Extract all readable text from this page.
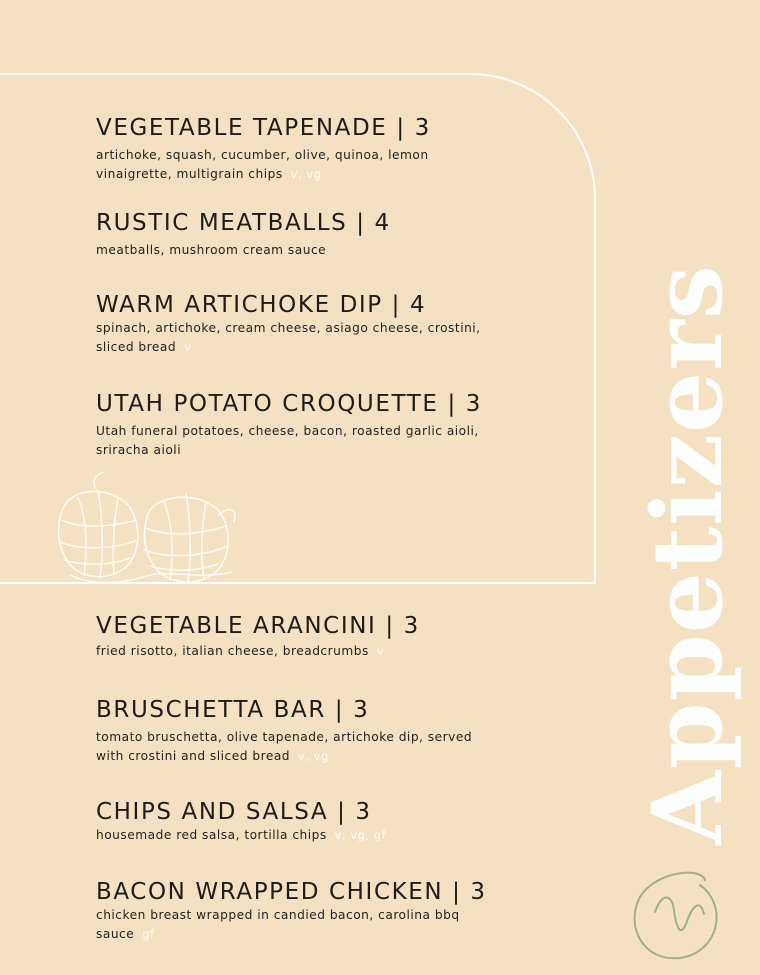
VEGETABLE TAPENADE | 3
artichoke, squash, cucumber, olive, quinoa, lemon vinaigrette, multigrain chips v, vg
RUSTIC MEATBALLS | 4
meatballs, mushroom cream sauce
WARM ARTICHOKE DIP | 4
spinach, artichoke, cream cheese, asiago cheese, crostini, sliced bread v
UTAH POTATO CROQUETTE | 3
Utah funeral potatoes, cheese, bacon, roasted garlic aioli, sriracha aioli
VEGETABLE ARANCINI | 3
fried risotto, italian cheese, breadcrumbs v
BRUSCHETTA BAR | 3
tomato bruschetta, olive tapenade, artichoke dip, served with crostini and sliced bread v, vg
CHIPS AND SALSA | 3
housemade red salsa, tortilla chips v, vg, gf
BACON WRAPPED CHICKEN | 3
chicken breast wrapped in candied bacon, carolina bbq sauce gf
Appetizers
